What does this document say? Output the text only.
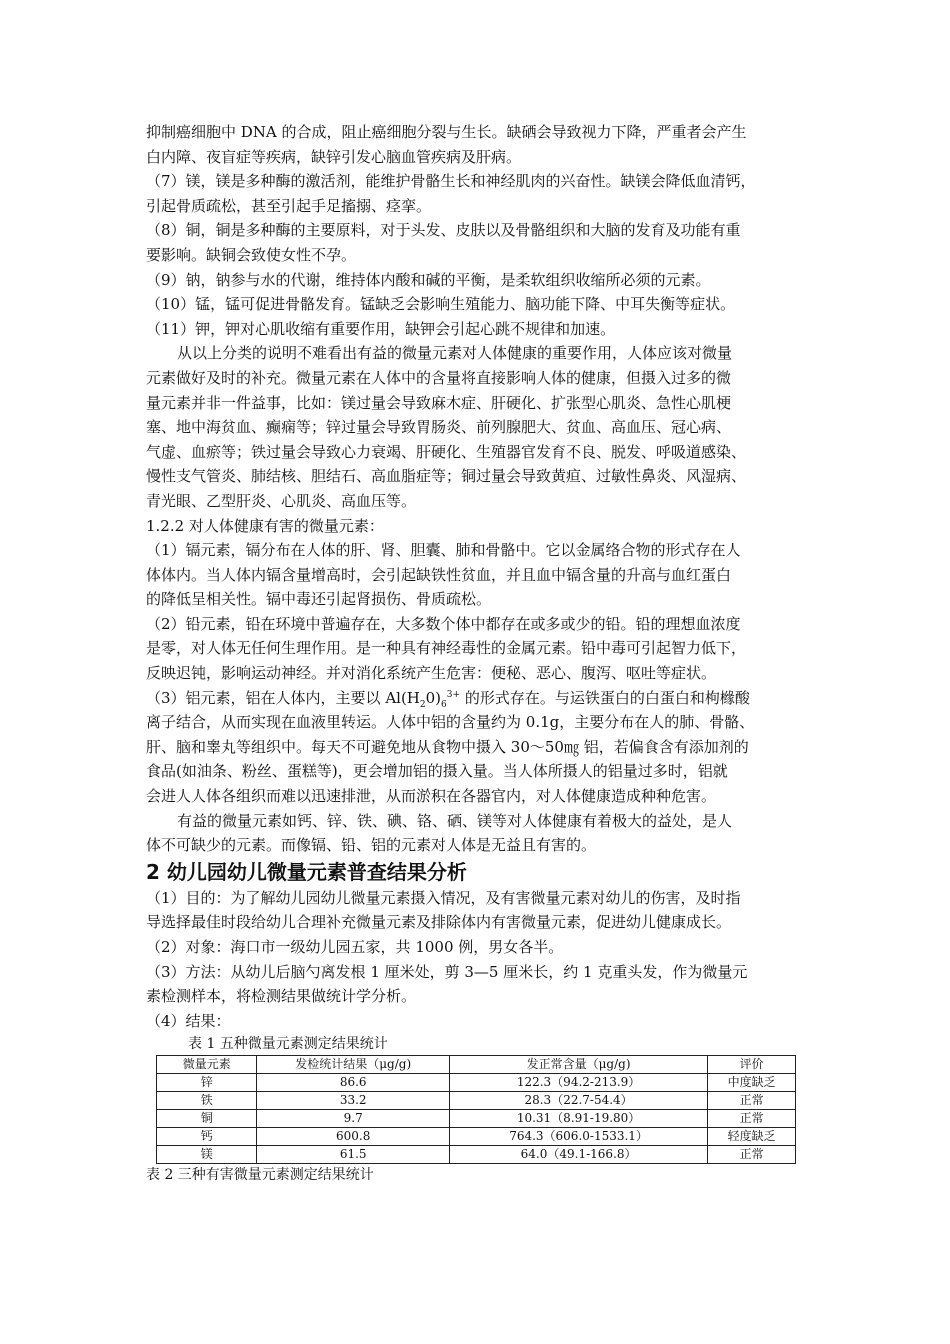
抑制癌细胞中 DNA 的合成，阻止癌细胞分裂与生长。缺硒会导致视力下降，严重者会产生

白内障、夜盲症等疾病，缺锌引发心脑血管疾病及肝病。

（7）镁，镁是多种酶的激活剂，能维护骨骼生长和神经肌肉的兴奋性。缺镁会降低血清钙，

引起骨质疏松，甚至引起手足搐搦、痉挛。

（8）铜，铜是多种酶的主要原料，对于头发、皮肤以及骨骼组织和大脑的发育及功能有重

要影响。缺铜会致使女性不孕。

（9）钠，钠参与水的代谢，维持体内酸和碱的平衡，是柔软组织收缩所必须的元素。

（10）锰，锰可促进骨骼发育。锰缺乏会影响生殖能力、脑功能下降、中耳失衡等症状。

（11）钾，钾对心肌收缩有重要作用，缺钾会引起心跳不规律和加速。

从以上分类的说明不难看出有益的微量元素对人体健康的重要作用，人体应该对微量

元素做好及时的补充。微量元素在人体中的含量将直接影响人体的健康，但摄入过多的微

量元素并非一件益事，比如：镁过量会导致麻木症、肝硬化、扩张型心肌炎、急性心肌梗

塞、地中海贫血、癫痫等；锌过量会导致胃肠炎、前列腺肥大、贫血、高血压、冠心病、

气虚、血瘀等；铁过量会导致心力衰竭、肝硬化、生殖器官发育不良、脱发、呼吸道感染、

慢性支气管炎、肺结核、胆结石、高血脂症等；铜过量会导致黄疸、过敏性鼻炎、风湿病、

青光眼、乙型肝炎、心肌炎、高血压等。

1.2.2 对人体健康有害的微量元素：

（1）镉元素，镉分布在人体的肝、肾、胆囊、肺和骨骼中。它以金属络合物的形式存在人

体体内。当人体内镉含量增高时，会引起缺铁性贫血，并且血中镉含量的升高与血红蛋白

的降低呈相关性。镉中毒还引起肾损伤、骨质疏松。

（2）铅元素，铅在环境中普遍存在，大多数个体中都存在或多或少的铅。铅的理想血浓度

是零，对人体无任何生理作用。是一种具有神经毒性的金属元素。铅中毒可引起智力低下，

反映迟钝，影响运动神经。并对消化系统产生危害：便秘、恶心、腹泻、呕吐等症状。

（3）铝元素，铝在人体内，主要以 $Al(H_20)_6^{3+}$ 的形式存在。与运铁蛋白的白蛋白和枸橼酸

离子结合，从而实现在血液里转运。人体中铝的含量约为 0.1g，主要分布在人的肺、骨骼、

肝、脑和睾丸等组织中。每天不可避免地从食物中摄入 30～50㎎ 铝，若偏食含有添加剂的

食品(如油条、粉丝、蛋糕等)，更会增加铝的摄入量。当人体所摄人的铝量过多时，铝就

会进人人体各组织而难以迅速排泄，从而淤积在各器官内，对人体健康造成种种危害。

有益的微量元素如钙、锌、铁、碘、铬、硒、镁等对人体健康有着极大的益处，是人

体不可缺少的元素。而像镉、铅、铝的元素对人体是无益且有害的。

2 幼儿园幼儿微量元素普查结果分析

（1）目的：为了解幼儿园幼儿微量元素摄入情况，及有害微量元素对幼儿的伤害，及时指

导选择最佳时段给幼儿合理补充微量元素及排除体内有害微量元素，促进幼儿健康成长。

（2）对象：海口市一级幼儿园五家，共 1000 例，男女各半。

（3）方法：从幼儿后脑勺离发根 1 厘米处，剪 3—5 厘米长，约 1 克重头发，作为微量元

素检测样本，将检测结果做统计学分析。

（4）结果：

表 1 五种微量元素测定结果统计
微量元素	发检统计结果（μg/g)	发正常含量（μg/g)	评价
锌	86.6	122.3（94.2-213.9）	中度缺乏
铁	33.2	28.3（22.7-54.4）	正常
铜	9.7	10.31（8.91-19.80）	正常
钙	600.8	764.3（606.0-1533.1）	轻度缺乏
镁	61.5	64.0（49.1-166.8）	正常
表 2 三种有害微量元素测定结果统计
